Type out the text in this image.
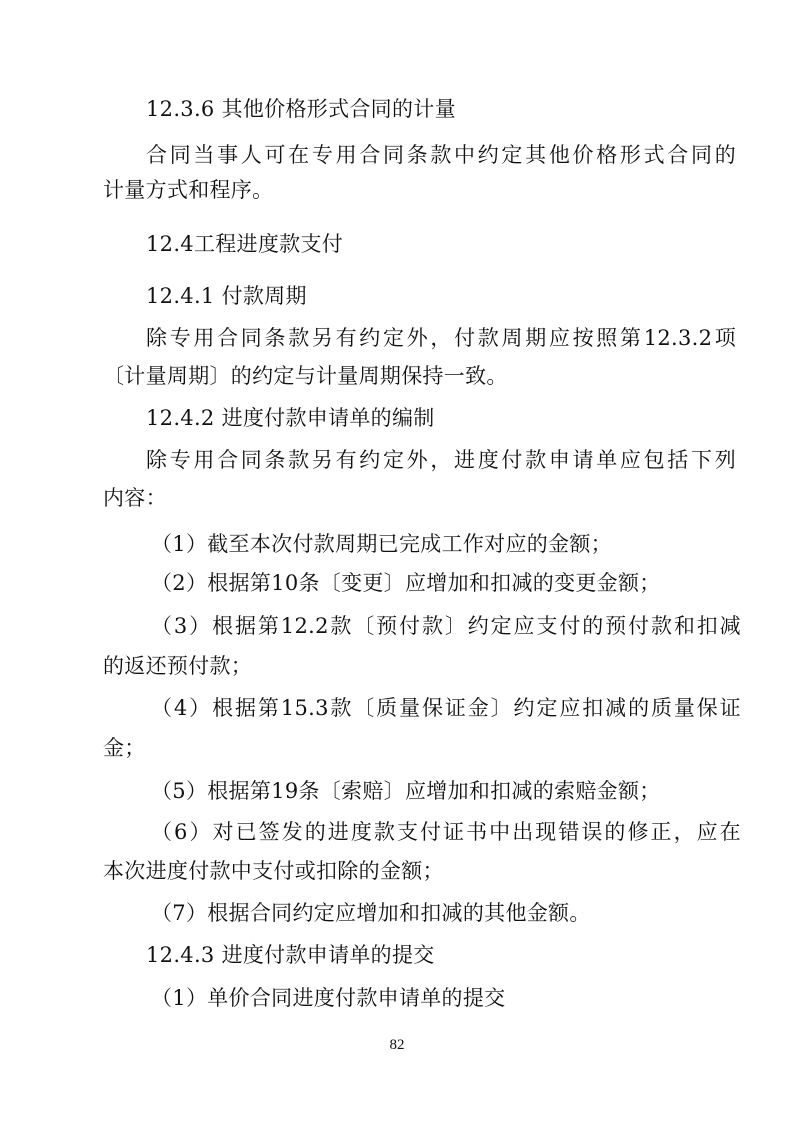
12.3.6 其他价格形式合同的计量
合同当事人可在专用合同条款中约定其他价格形式合同的
计量方式和程序。
12.4工程进度款支付
12.4.1 付款周期
除专用合同条款另有约定外，付款周期应按照第12.3.2项
〔计量周期〕的约定与计量周期保持一致。
12.4.2 进度付款申请单的编制
除专用合同条款另有约定外，进度付款申请单应包括下列
内容：
（1）截至本次付款周期已完成工作对应的金额；
（2）根据第10条〔变更〕应增加和扣减的变更金额；
（3）根据第12.2款〔预付款〕约定应支付的预付款和扣减
的返还预付款；
（4）根据第15.3款〔质量保证金〕约定应扣减的质量保证
金；
（5）根据第19条〔索赔〕应增加和扣减的索赔金额；
（6）对已签发的进度款支付证书中出现错误的修正，应在
本次进度付款中支付或扣除的金额；
（7）根据合同约定应增加和扣减的其他金额。
12.4.3 进度付款申请单的提交
（1）单价合同进度付款申请单的提交
82
